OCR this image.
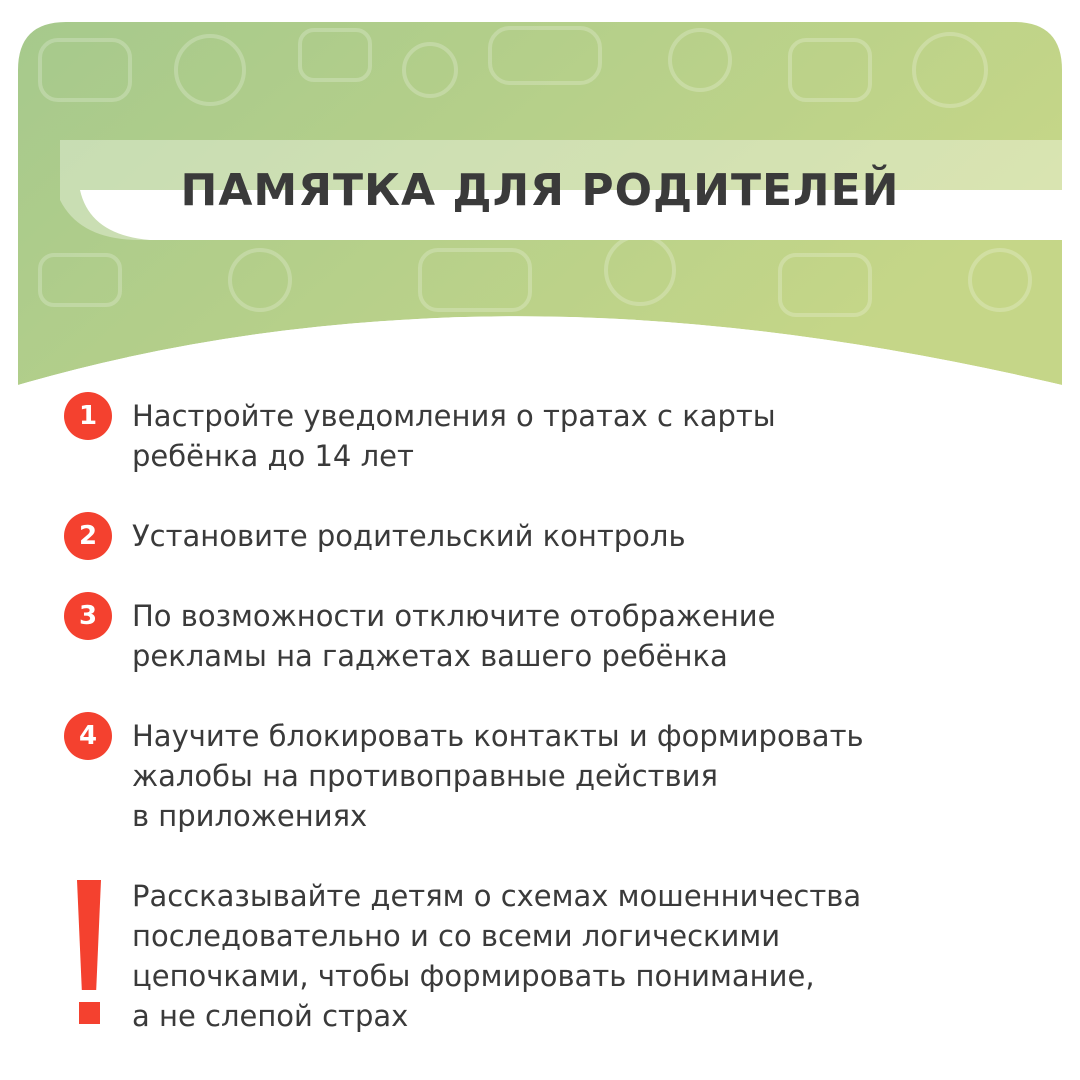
ПАМЯТКА ДЛЯ РОДИТЕЛЕЙ
1	Настройте уведомления о тратах с карты
ребёнка до 14 лет
2	Установите родительский контроль
3	По возможности отключите отображение
рекламы на гаджетах вашего ребёнка
4	Научите блокировать контакты и формировать
жалобы на противоправные действия
в приложениях
Рассказывайте детям о схемах мошенничества
последовательно и со всеми логическими
цепочками, чтобы формировать понимание,
а не слепой страх
